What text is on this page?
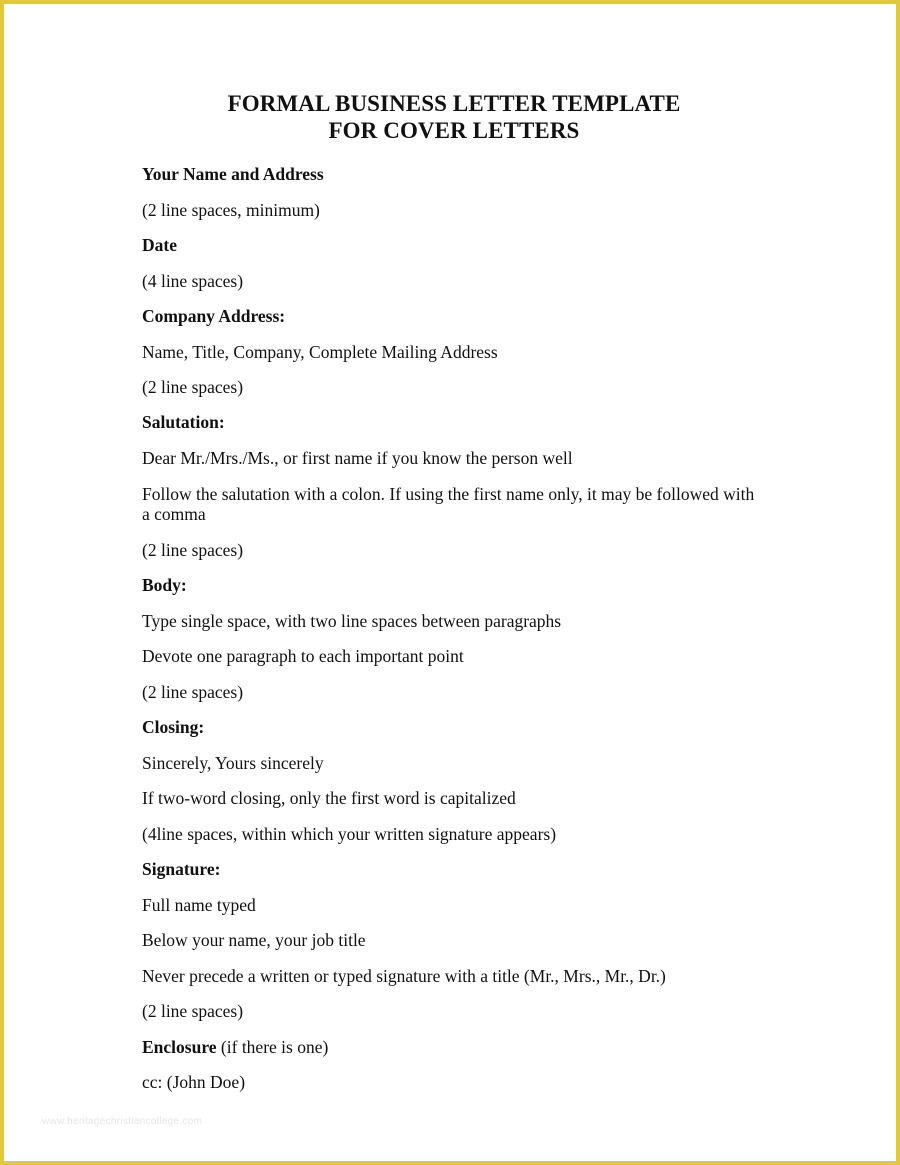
FORMAL BUSINESS LETTER TEMPLATE
FOR COVER LETTERS
Your Name and Address
(2 line spaces, minimum)
Date
(4 line spaces)
Company Address:
Name, Title, Company, Complete Mailing Address
(2 line spaces)
Salutation:
Dear Mr./Mrs./Ms., or first name if you know the person well
Follow the salutation with a colon. If using the first name only, it may be followed with
a comma
(2 line spaces)
Body:
Type single space, with two line spaces between paragraphs
Devote one paragraph to each important point
(2 line spaces)
Closing:
Sincerely, Yours sincerely
If two-word closing, only the first word is capitalized
(4line spaces, within which your written signature appears)
Signature:
Full name typed
Below your name, your job title
Never precede a written or typed signature with a title (Mr., Mrs., Mr., Dr.)
(2 line spaces)
Enclosure (if there is one)
cc: (John Doe)
www.heritagechristiancollege.com
